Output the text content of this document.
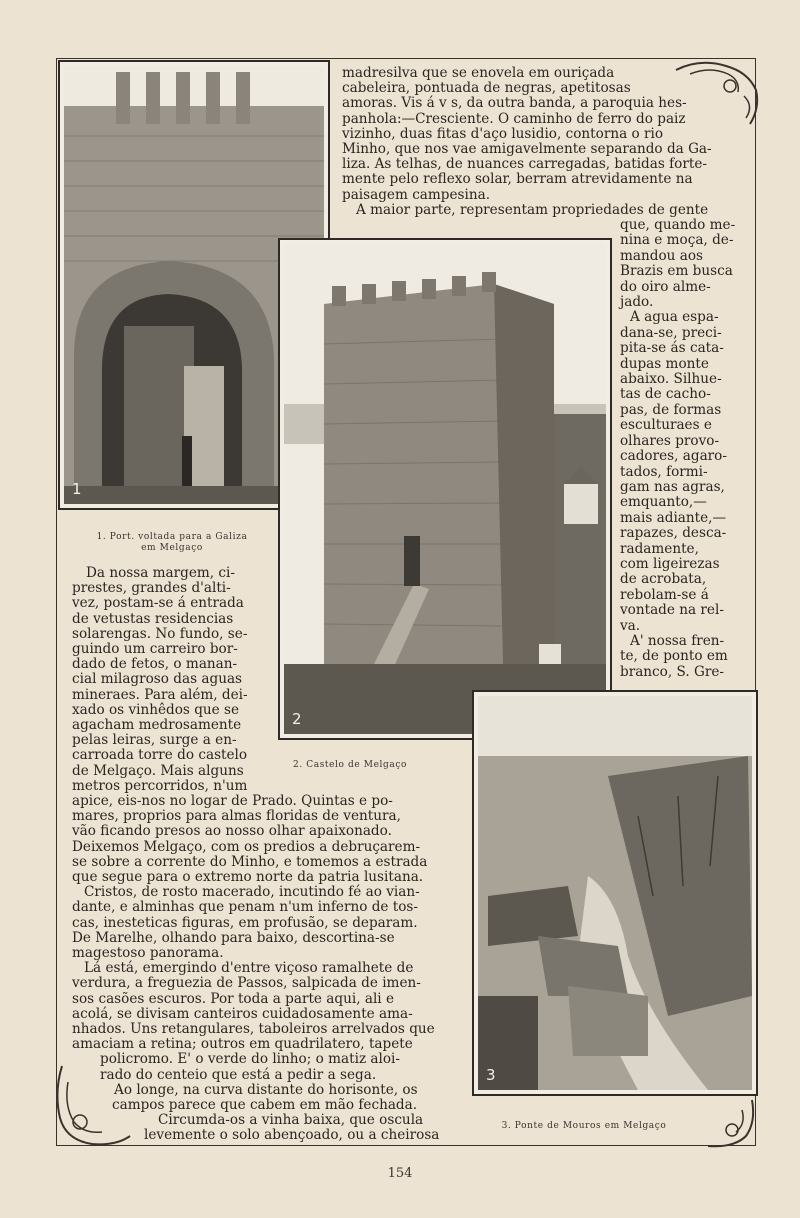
1
2
3
1. Port. voltada para a Galiza
em Melgaço
2. Castelo de Melgaço
3. Ponte de Mouros em Melgaço

madresilva que se enovela em ouriçada

cabeleira, pontuada de negras, apetitosas

amoras. Vis á v s, da outra banda, a paroquia hes-

panhola:—Cresciente. O caminho de ferro do paiz

vizinho, duas fitas d'aço lusidio, contorna o rio

Minho, que nos vae amigavelmente separando da Ga-

liza. As telhas, de nuances carregadas, batidas forte-

mente pelo reflexo solar, berram atrevidamente na

paisagem campesina.

A maior parte, representam propriedades de gente

que, quando me-

nina e moça, de-

mandou aos

Brazis em busca

do oiro alme-

jado.

A agua espa-

dana-se, preci-

pita-se ás cata-

dupas monte

abaixo. Silhue-

tas de cacho-

pas, de formas

esculturaes e

olhares provo-

cadores, agaro-

tados, formi-

gam nas agras,

emquanto,—

mais adiante,—

rapazes, desca-

radamente,

com ligeirezas

de acrobata,

rebolam-se á

vontade na rel-

va.

A' nossa fren-

te, de ponto em

branco, S. Gre-

Da nossa margem, ci-

prestes, grandes d'alti-

vez, postam-se á entrada

de vetustas residencias

solarengas. No fundo, se-

guindo um carreiro bor-

dado de fetos, o manan-

cial milagroso das aguas

mineraes. Para além, dei-

xado os vinhêdos que se

agacham medrosamente

pelas leiras, surge a en-

carroada torre do castelo

de Melgaço. Mais alguns

metros percorridos, n'um

apice, eis-nos no logar de Prado. Quintas e po-

mares, proprios para almas floridas de ventura,

vão ficando presos ao nosso olhar apaixonado.

Deixemos Melgaço, com os predios a debruçarem-

se sobre a corrente do Minho, e tomemos a estrada

que segue para o extremo norte da patria lusitana.

Cristos, de rosto macerado, incutindo fé ao vian-

dante, e alminhas que penam n'um inferno de tos-

cas, inesteticas figuras, em profusão, se deparam.

De Marelhe, olhando para baixo, descortina-se

magestoso panorama.

Lá está, emergindo d'entre viçoso ramalhete de

verdura, a freguezia de Passos, salpicada de imen-

sos casões escuros. Por toda a parte aqui, ali e

acolá, se divisam canteiros cuidadosamente ama-

nhados. Uns retangulares, taboleiros arrelvados que

amaciam a retina; outros em quadrilatero, tapete

policromo. E' o verde do linho; o matiz aloi-

rado do centeio que está a pedir a sega.

Ao longe, na curva distante do horisonte, os

campos parece que cabem em mão fechada.

Circumda-os a vinha baixa, que oscula

levemente o solo abençoado, ou a cheirosa

154
